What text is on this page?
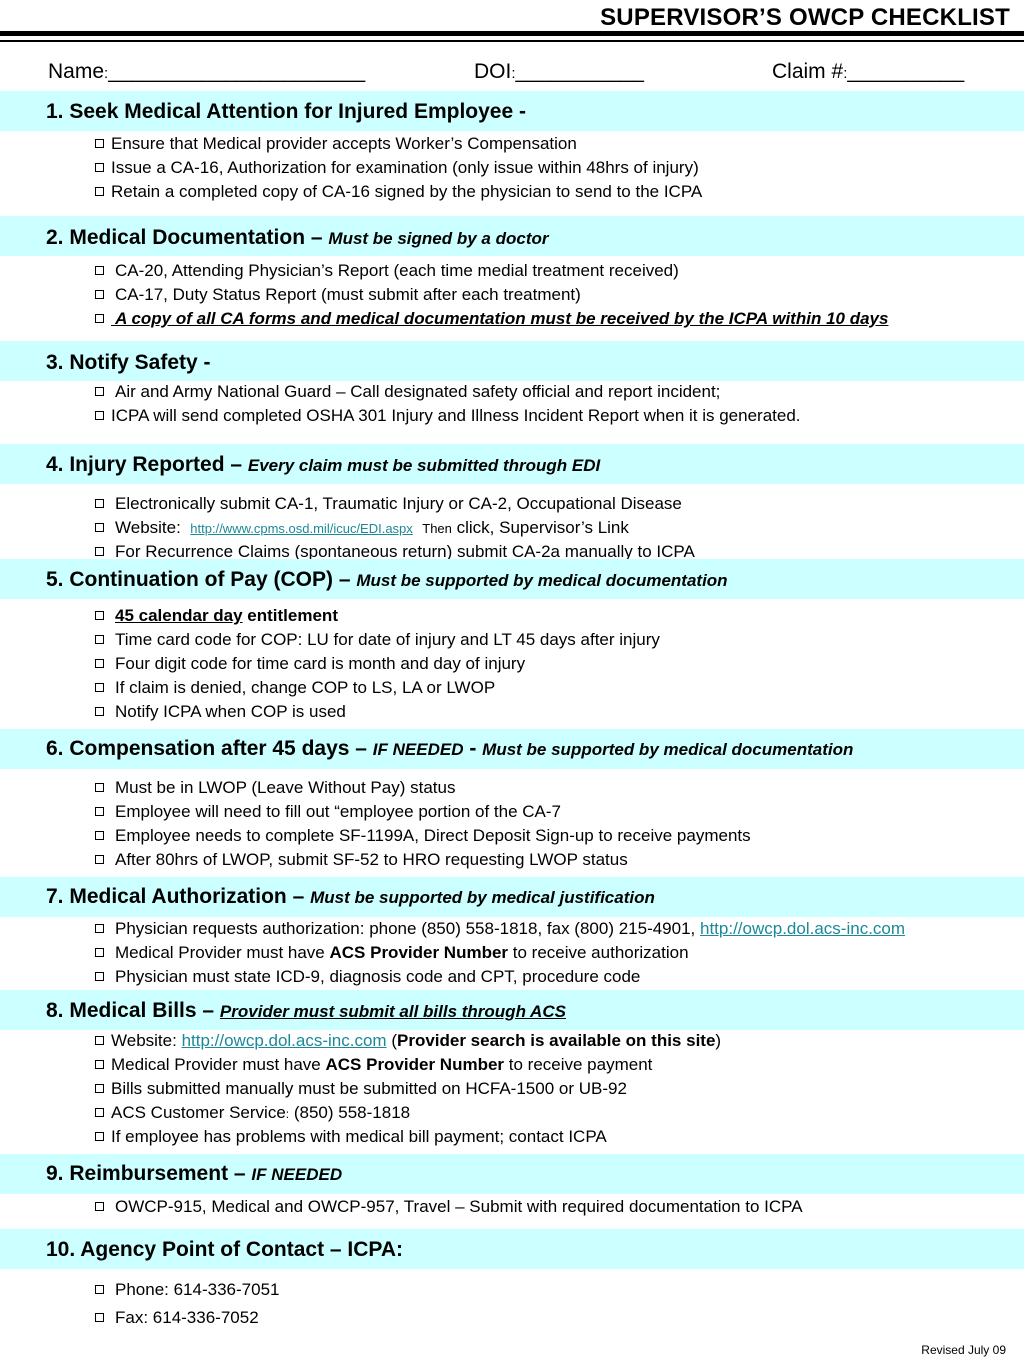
SUPERVISOR’S OWCP CHECKLIST
Name:______________________	DOI:___________	Claim #:__________
1. Seek Medical Attention for Injured Employee -
Ensure that Medical provider accepts Worker’s Compensation
Issue a CA-16, Authorization for examination (only issue within 48hrs of injury)
Retain a completed copy of CA-16 signed by the physician to send to the ICPA
2. Medical Documentation – Must be signed by a doctor
CA-20, Attending Physician’s Report (each time medial treatment received)
CA-17, Duty Status Report (must submit after each treatment)
A copy of all CA forms and medical documentation must be received by the ICPA within 10 days
3. Notify Safety -
Air and Army National Guard – Call designated safety official and report incident;
ICPA will send completed OSHA 301 Injury and Illness Incident Report when it is generated.
4. Injury Reported – Every claim must be submitted through EDI
Electronically submit CA-1, Traumatic Injury or CA-2, Occupational Disease
Website: http://www.cpms.osd.mil/icuc/EDI.aspx Then click, Supervisor’s Link
For Recurrence Claims (spontaneous return) submit CA-2a manually to ICPA
5. Continuation of Pay (COP) – Must be supported by medical documentation
45 calendar day entitlement
Time card code for COP: LU for date of injury and LT 45 days after injury
Four digit code for time card is month and day of injury
If claim is denied, change COP to LS, LA or LWOP
Notify ICPA when COP is used
6. Compensation after 45 days – IF NEEDED - Must be supported by medical documentation
Must be in LWOP (Leave Without Pay) status
Employee will need to fill out “employee portion of the CA-7
Employee needs to complete SF-1199A, Direct Deposit Sign-up to receive payments
After 80hrs of LWOP, submit SF-52 to HRO requesting LWOP status
7. Medical Authorization – Must be supported by medical justification
Physician requests authorization: phone (850) 558-1818, fax (800) 215-4901, http://owcp.dol.acs-inc.com
Medical Provider must have ACS Provider Number to receive authorization
Physician must state ICD-9, diagnosis code and CPT, procedure code
8. Medical Bills – Provider must submit all bills through ACS
Website: http://owcp.dol.acs-inc.com (Provider search is available on this site)
Medical Provider must have ACS Provider Number to receive payment
Bills submitted manually must be submitted on HCFA-1500 or UB-92
ACS Customer Service: (850) 558-1818
If employee has problems with medical bill payment; contact ICPA
9. Reimbursement – IF NEEDED
OWCP-915, Medical and OWCP-957, Travel – Submit with required documentation to ICPA
10. Agency Point of Contact – ICPA:
Phone: 614-336-7051
Fax: 614-336-7052
Revised July 09
